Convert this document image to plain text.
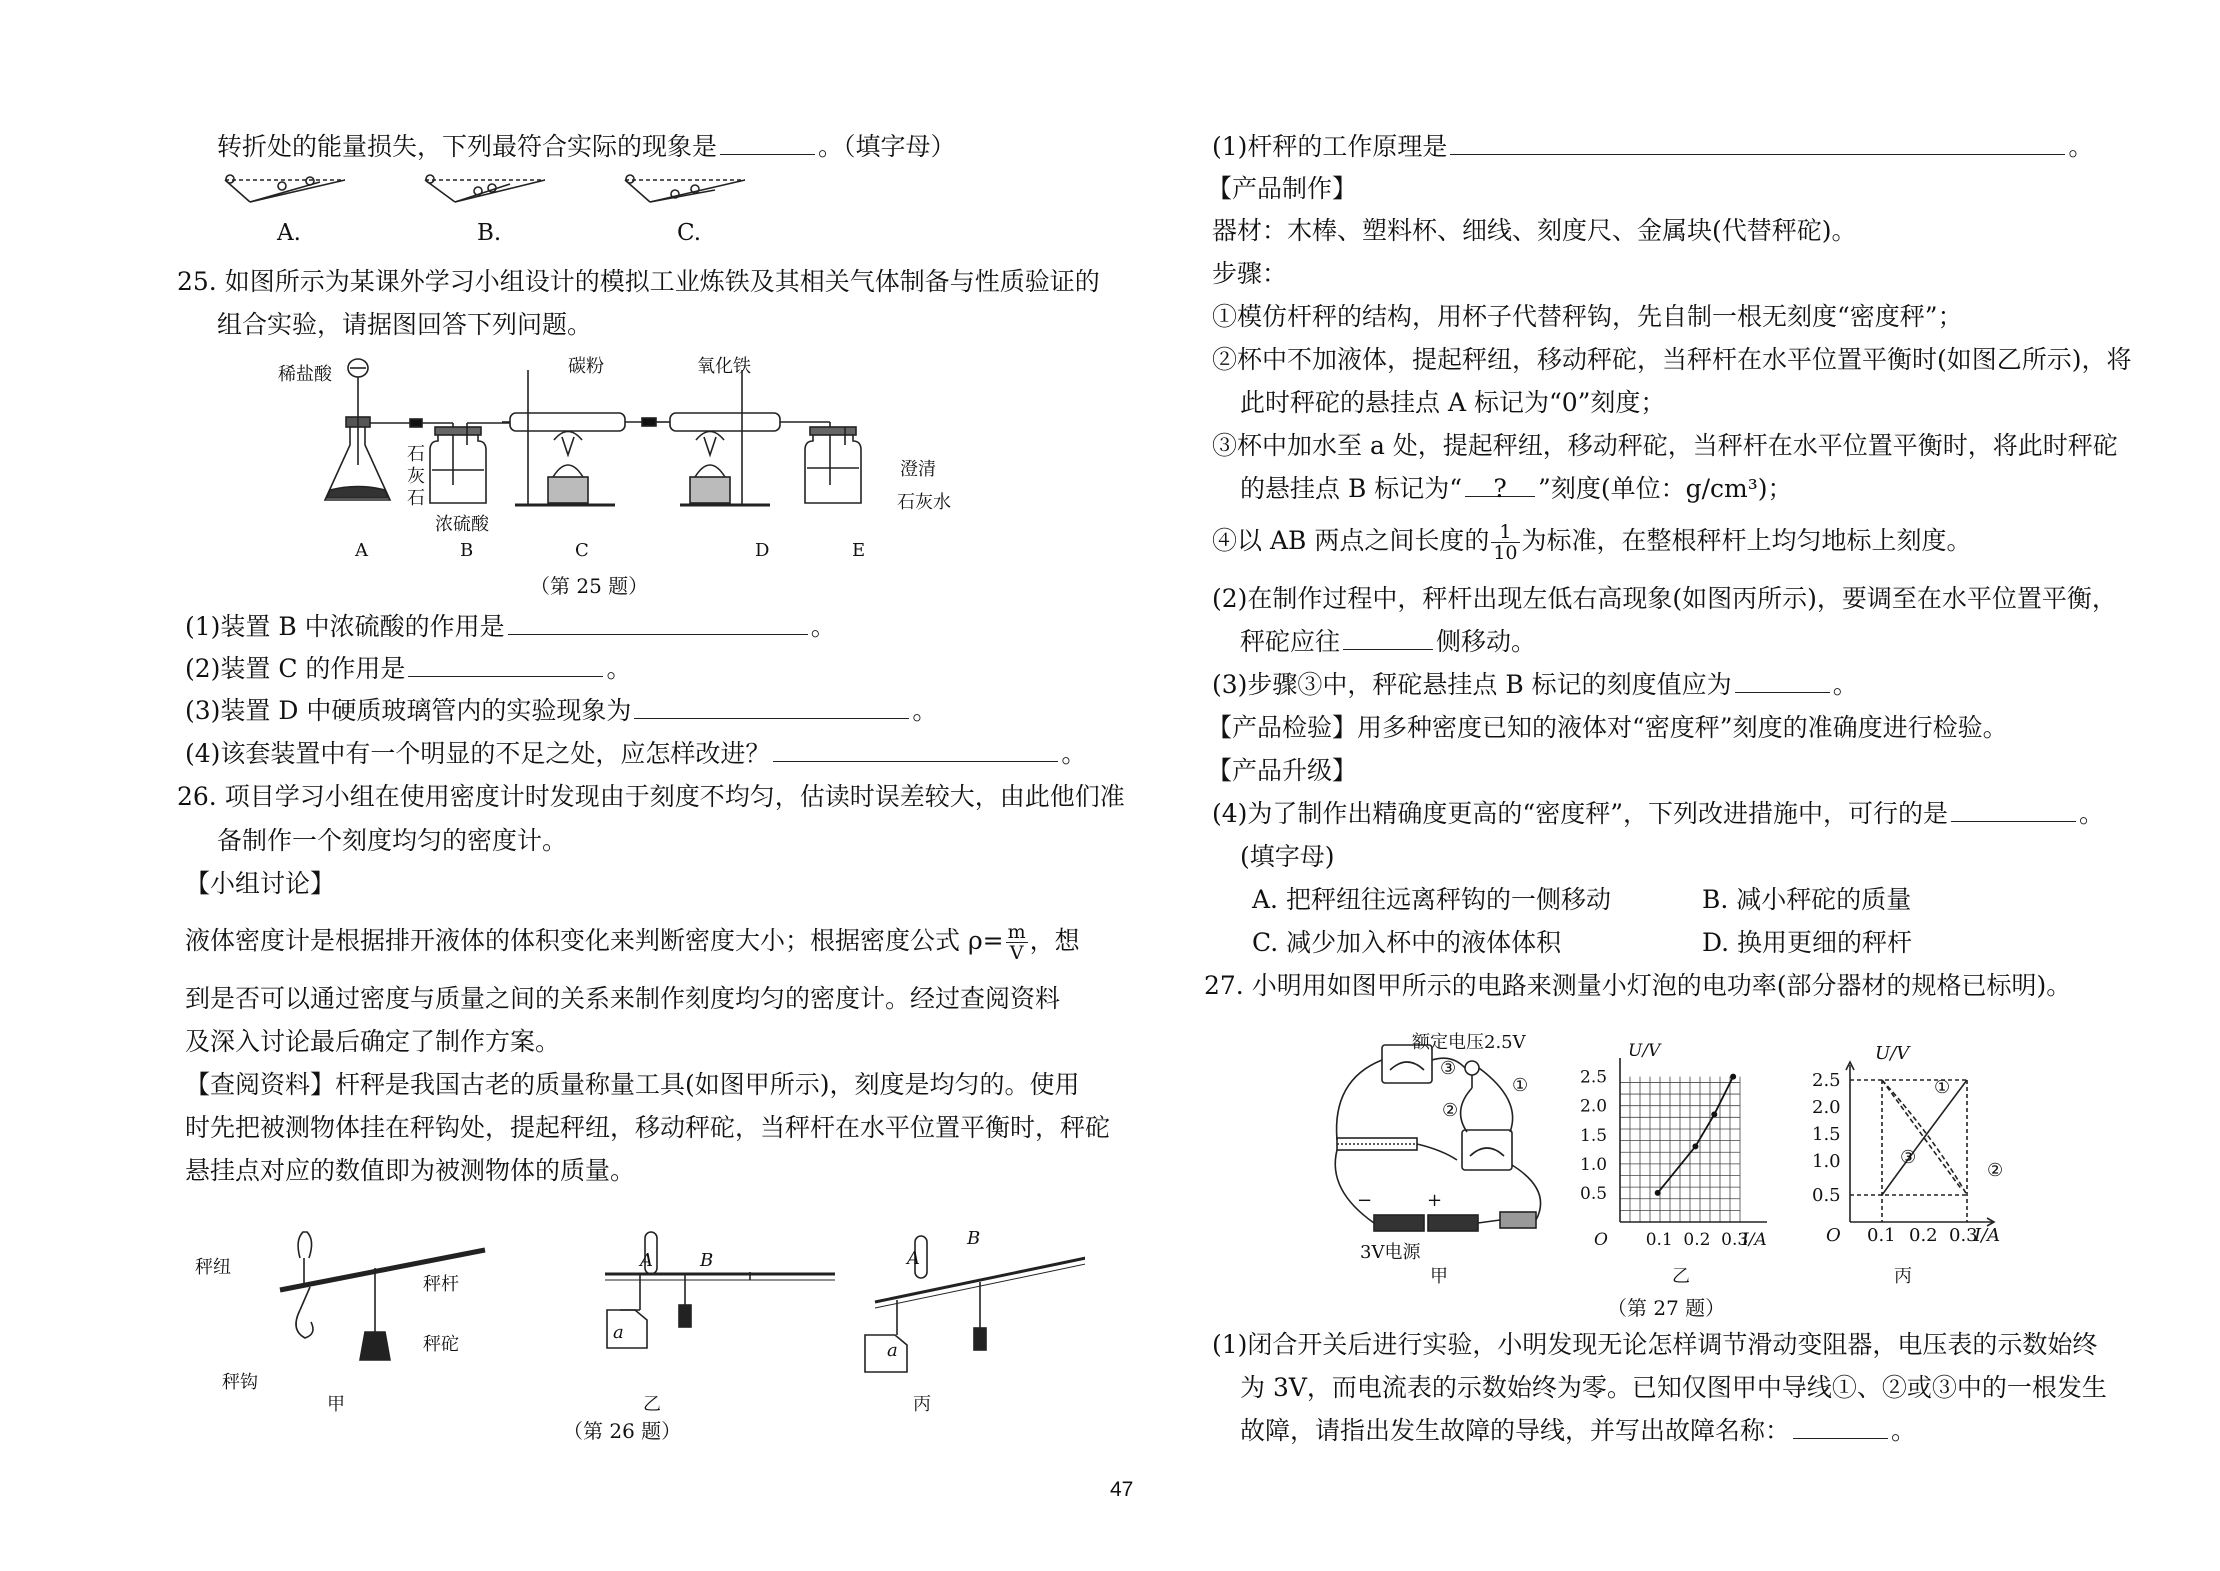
转折处的能量损失，下列最符合实际的现象是	。（填字母）
A.	B.	C.
25. 如图所示为某课外学习小组设计的模拟工业炼铁及其相关气体制备与性质验证的
组合实验，请据图回答下列问题。
稀盐酸
石
灰
石
浓硫酸
碳粉	氧化铁
澄清
石灰水
A	B	C	D	E
（第 25 题）
(1)装置 B 中浓硫酸的作用是	。
(2)装置 C 的作用是	。
(3)装置 D 中硬质玻璃管内的实验现象为	。
(4)该套装置中有一个明显的不足之处，应怎样改进？	。
26. 项目学习小组在使用密度计时发现由于刻度不均匀，估读时误差较大，由此他们准
备制作一个刻度均匀的密度计。
【小组讨论】
液体密度计是根据排开液体的体积变化来判断密度大小；根据密度公式 $\rho= \frac{m}{V}$ ，想
到是否可以通过密度与质量之间的关系来制作刻度均匀的密度计。经过查阅资料
及深入讨论最后确定了制作方案。
【查阅资料】杆秤是我国古老的质量称量工具(如图甲所示)，刻度是均匀的。使用
时先把被测物体挂在秤钩处，提起秤纽，移动秤砣，当秤杆在水平位置平衡时，秤砣
悬挂点对应的数值即为被测物体的质量。
秤纽
秤杆
秤砣
秤钩
A	B
a
A
B
a
甲	乙	丙
（第 26 题）
(1)杆秤的工作原理是	。
【产品制作】
器材：木棒、塑料杯、细线、刻度尺、金属块(代替秤砣)。
步骤：
①模仿杆秤的结构，用杯子代替秤钩，先自制一根无刻度“密度秤”；
②杯中不加液体，提起秤纽，移动秤砣，当秤杆在水平位置平衡时(如图乙所示)，将
此时秤砣的悬挂点 A 标记为“0”刻度；
③杯中加水至 a 处，提起秤纽，移动秤砣，当秤杆在水平位置平衡时，将此时秤砣
的悬挂点 B 标记为“ ? ”刻度(单位：g/cm³)；
④以 AB 两点之间长度的 $\frac{1}{10}$ 为标准，在整根秤杆上均匀地标上刻度。
(2)在制作过程中，秤杆出现左低右高现象(如图丙所示)，要调至在水平位置平衡，
秤砣应往	侧移动。
(3)步骤③中，秤砣悬挂点 B 标记的刻度值应为	。
【产品检验】用多种密度已知的液体对“密度秤”刻度的准确度进行检验。
【产品升级】
(4)为了制作出精确度更高的“密度秤”，下列改进措施中，可行的是	。
(填字母)
A. 把秤纽往远离秤钩的一侧移动	B. 减小秤砣的质量
C. 减少加入杯中的液体体积	D. 换用更细的秤杆
27. 小明用如图甲所示的电路来测量小灯泡的电功率(部分器材的规格已标明)。
额定电压2.5V
③
②
①
−	+
3V电源
0.5
1.0
1.5
2.0
2.5
0.1 0.2 0.3
U/V
I/A
O
U/V
I/A
O
2.5
2.0
1.5
1.0
0.5
0.1 0.2 0.3
①
②
③
甲	乙	丙
（第 27 题）
(1)闭合开关后进行实验，小明发现无论怎样调节滑动变阻器，电压表的示数始终
为 3V，而电流表的示数始终为零。已知仅图甲中导线①、②或③中的一根发生
故障，请指出发生故障的导线，并写出故障名称：	。
47
